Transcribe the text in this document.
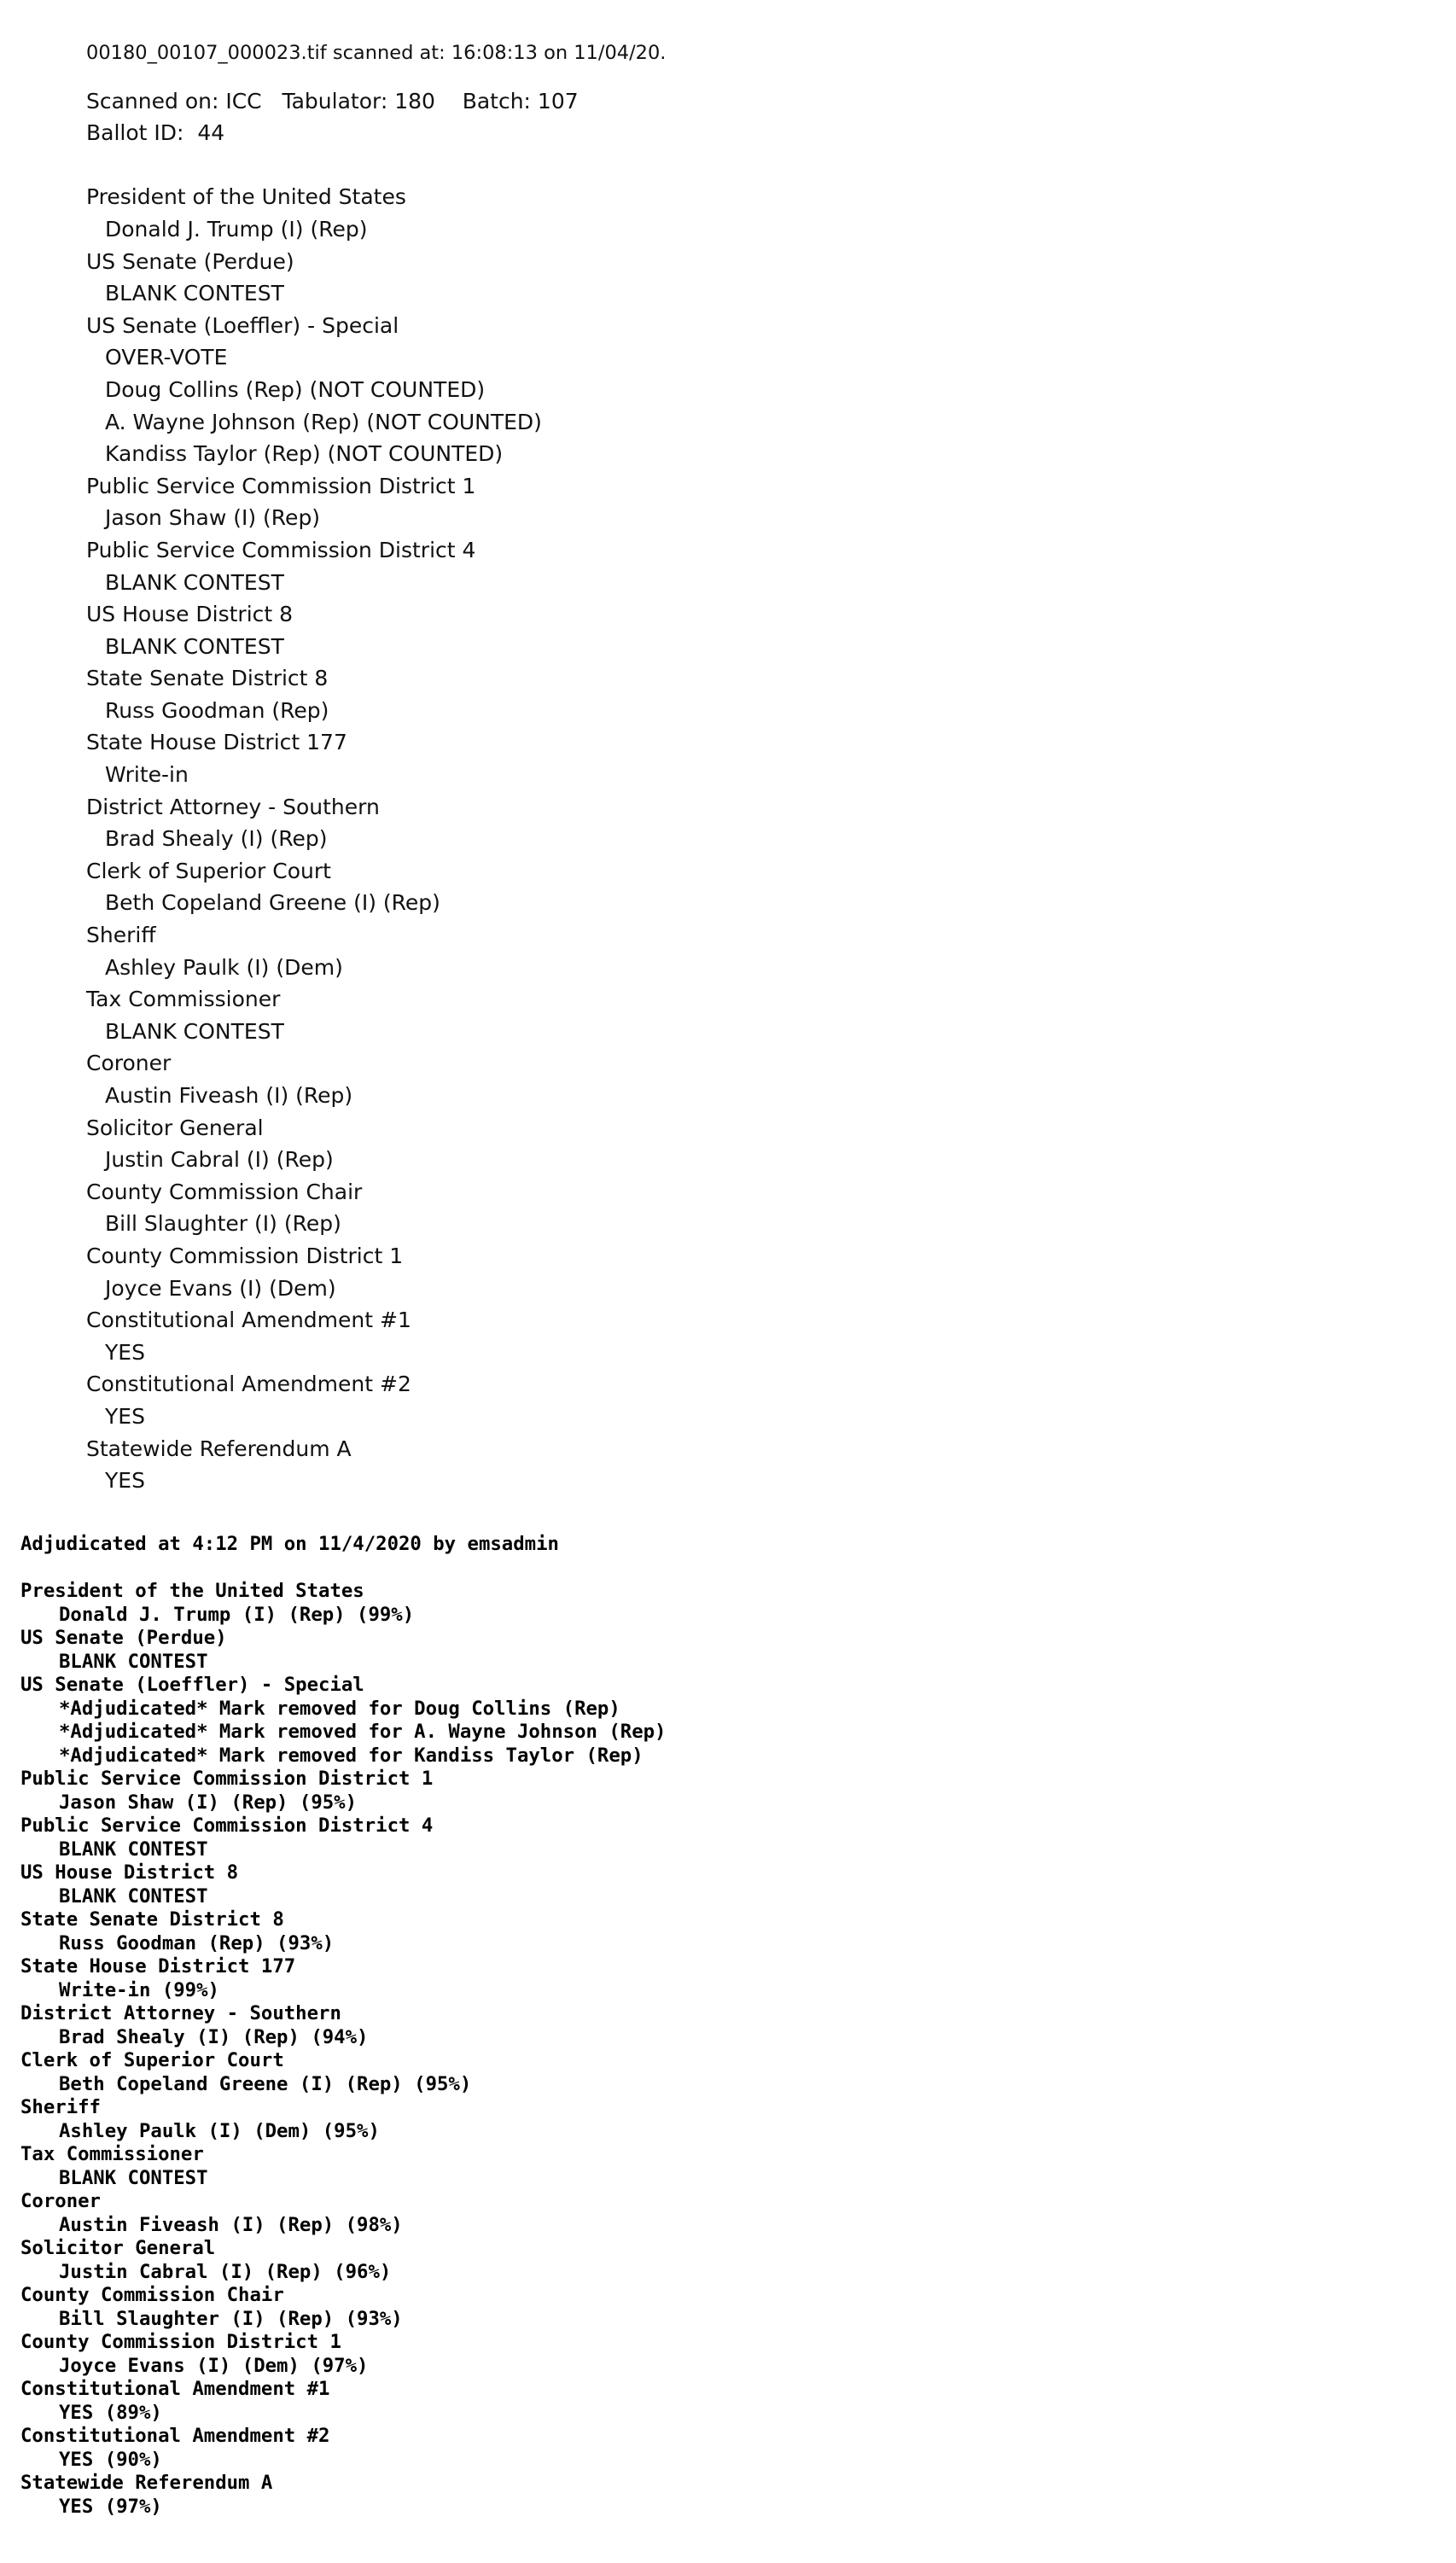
00180_00107_000023.tif scanned at: 16:08:13 on 11/04/20.
Scanned on: ICC   Tabulator: 180    Batch: 107
Ballot ID:  44
President of the United States
Donald J. Trump (I) (Rep)
US Senate (Perdue)
BLANK CONTEST
US Senate (Loeffler) - Special
OVER-VOTE
Doug Collins (Rep) (NOT COUNTED)
A. Wayne Johnson (Rep) (NOT COUNTED)
Kandiss Taylor (Rep) (NOT COUNTED)
Public Service Commission District 1
Jason Shaw (I) (Rep)
Public Service Commission District 4
BLANK CONTEST
US House District 8
BLANK CONTEST
State Senate District 8
Russ Goodman (Rep)
State House District 177
Write-in
District Attorney - Southern
Brad Shealy (I) (Rep)
Clerk of Superior Court
Beth Copeland Greene (I) (Rep)
Sheriff
Ashley Paulk (I) (Dem)
Tax Commissioner
BLANK CONTEST
Coroner
Austin Fiveash (I) (Rep)
Solicitor General
Justin Cabral (I) (Rep)
County Commission Chair
Bill Slaughter (I) (Rep)
County Commission District 1
Joyce Evans (I) (Dem)
Constitutional Amendment #1
YES
Constitutional Amendment #2
YES
Statewide Referendum A
YES
Adjudicated at 4:12 PM on 11/4/2020 by emsadmin
President of the United States
Donald J. Trump (I) (Rep) (99%)
US Senate (Perdue)
BLANK CONTEST
US Senate (Loeffler) - Special
*Adjudicated* Mark removed for Doug Collins (Rep)
*Adjudicated* Mark removed for A. Wayne Johnson (Rep)
*Adjudicated* Mark removed for Kandiss Taylor (Rep)
Public Service Commission District 1
Jason Shaw (I) (Rep) (95%)
Public Service Commission District 4
BLANK CONTEST
US House District 8
BLANK CONTEST
State Senate District 8
Russ Goodman (Rep) (93%)
State House District 177
Write-in (99%)
District Attorney - Southern
Brad Shealy (I) (Rep) (94%)
Clerk of Superior Court
Beth Copeland Greene (I) (Rep) (95%)
Sheriff
Ashley Paulk (I) (Dem) (95%)
Tax Commissioner
BLANK CONTEST
Coroner
Austin Fiveash (I) (Rep) (98%)
Solicitor General
Justin Cabral (I) (Rep) (96%)
County Commission Chair
Bill Slaughter (I) (Rep) (93%)
County Commission District 1
Joyce Evans (I) (Dem) (97%)
Constitutional Amendment #1
YES (89%)
Constitutional Amendment #2
YES (90%)
Statewide Referendum A
YES (97%)
